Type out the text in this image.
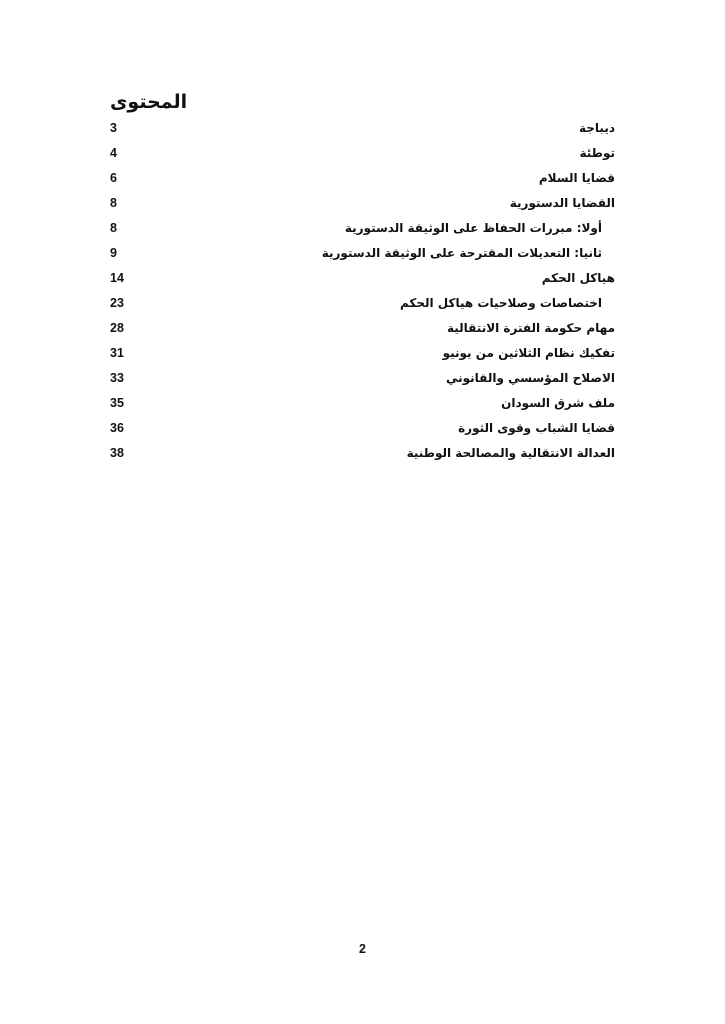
المحتوى
ديباجة
3
توطئة
4
قضايا السلام
6
القضايا الدستورية
8
أولا: مبررات الحفاظ على الوثيقة الدستورية
8
ثانيا: التعديلات المقترحة على الوثيقة الدستورية
9
هياكل الحكم
14
اختصاصات وصلاحيات هياكل الحكم
23
مهام حكومة الفترة الانتقالية
28
تفكيك نظام الثلاثين من يونيو
31
الاصلاح المؤسسي والقانوني
33
ملف شرق السودان
35
قضايا الشباب وقوى الثورة
36
العدالة الانتقالية والمصالحة الوطنية
38
2
